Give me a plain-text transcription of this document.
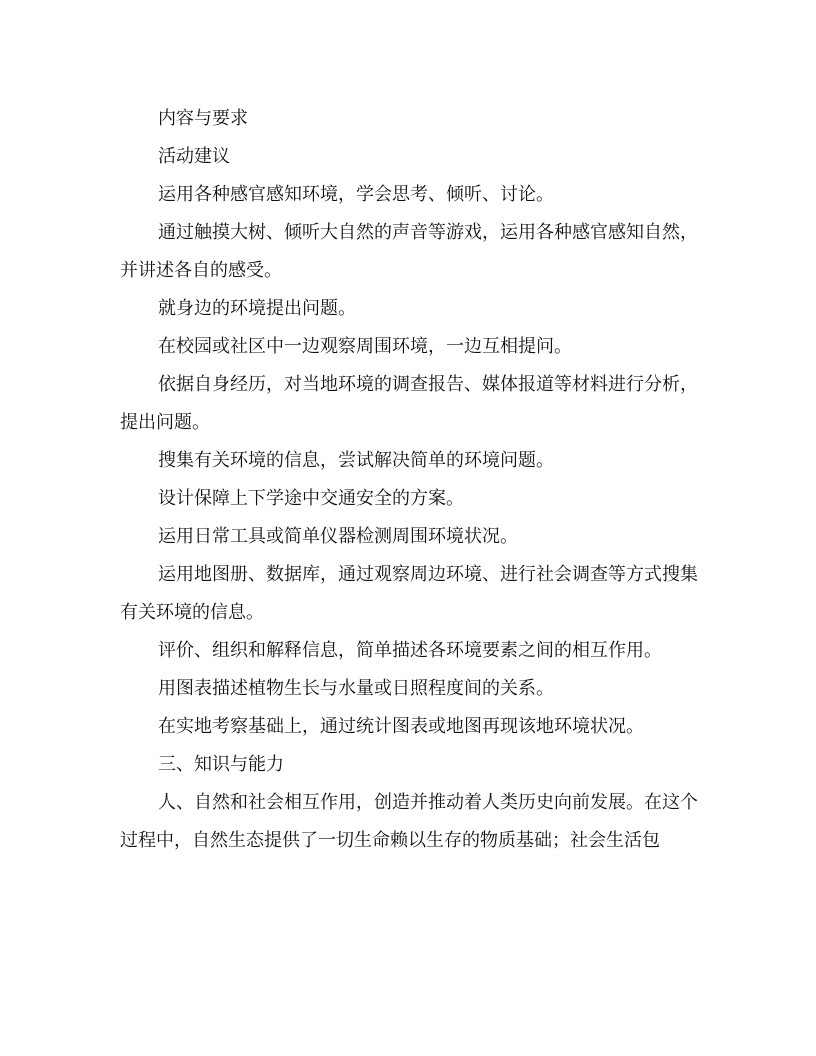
内容与要求

活动建议

运用各种感官感知环境，学会思考、倾听、讨论。

通过触摸大树、倾听大自然的声音等游戏，运用各种感官感知自然，并讲述各自的感受。

就身边的环境提出问题。

在校园或社区中一边观察周围环境，一边互相提问。

依据自身经历，对当地环境的调查报告、媒体报道等材料进行分析，提出问题。

搜集有关环境的信息，尝试解决简单的环境问题。

设计保障上下学途中交通安全的方案。

运用日常工具或简单仪器检测周围环境状况。

运用地图册、数据库，通过观察周边环境、进行社会调查等方式搜集有关环境的信息。

评价、组织和解释信息，简单描述各环境要素之间的相互作用。

用图表描述植物生长与水量或日照程度间的关系。

在实地考察基础上，通过统计图表或地图再现该地环境状况。

三、知识与能力

人、自然和社会相互作用，创造并推动着人类历史向前发展。在这个过程中，自然生态提供了一切生命赖以生存的物质基础；社会生活包
